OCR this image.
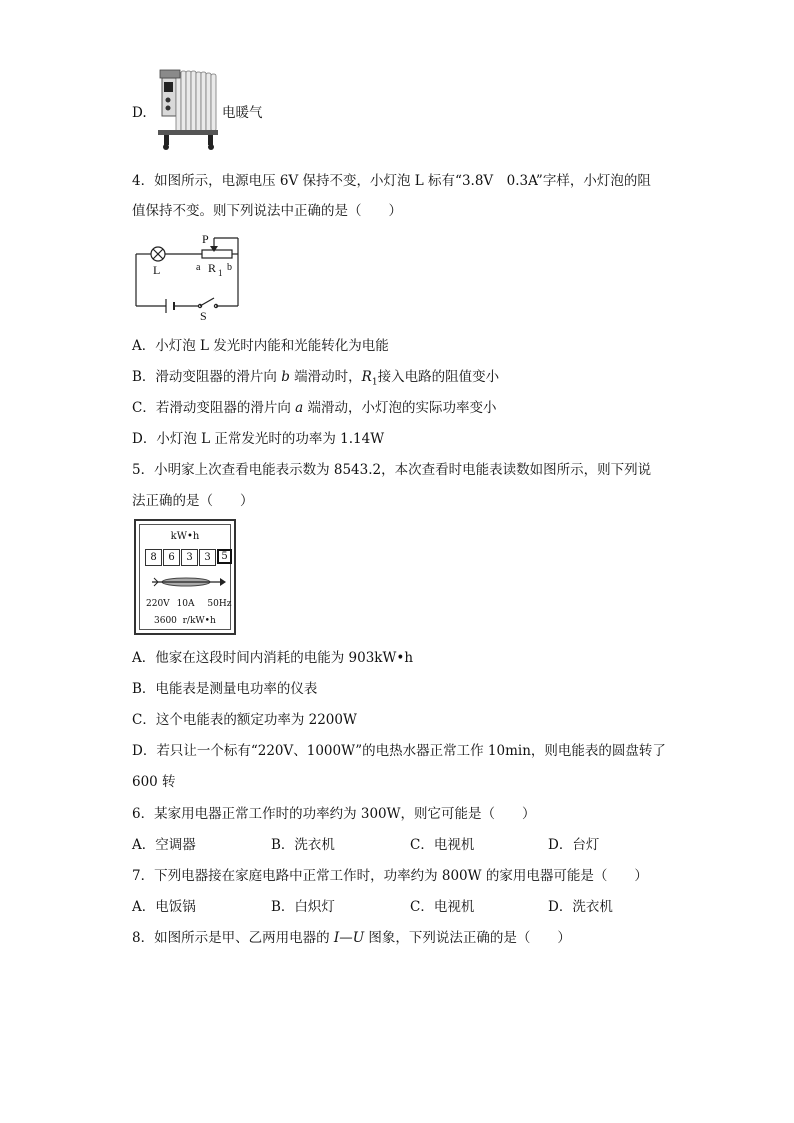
D.	电暖气
4．如图所示，电源电压 6V 保持不变，小灯泡 L 标有“3.8V　0.3A”字样，小灯泡的阻
值保持不变。则下列说法中正确的是（　　）
L
P
a R 1 b
S
A．小灯泡 L 发光时内能和光能转化为电能
B．滑动变阻器的滑片向 b 端滑动时，$R_1$接入电路的阻值变小
C．若滑动变阻器的滑片向 a 端滑动，小灯泡的实际功率变小
D．小灯泡 L 正常发光时的功率为 1.14W
5．小明家上次查看电能表示数为 8543.2，本次查看时电能表读数如图所示，则下列说
法正确的是（　　）
kW•h
8	6	3	3	5
220V 10A 50Hz
3600  r/kW•h
A．他家在这段时间内消耗的电能为 903kW•h
B．电能表是测量电功率的仪表
C．这个电能表的额定功率为 2200W
D．若只让一个标有“220V、1000W”的电热水器正常工作 10min，则电能表的圆盘转了
600 转
6．某家用电器正常工作时的功率约为 300W，则它可能是（　　）
A．空调器	B．洗衣机	C．电视机	D．台灯
7．下列电器接在家庭电路中正常工作时，功率约为 800W 的家用电器可能是（　　）
A．电饭锅	B．白炽灯	C．电视机	D．洗衣机
8．如图所示是甲、乙两用电器的 I—U 图象，下列说法正确的是（　　）
